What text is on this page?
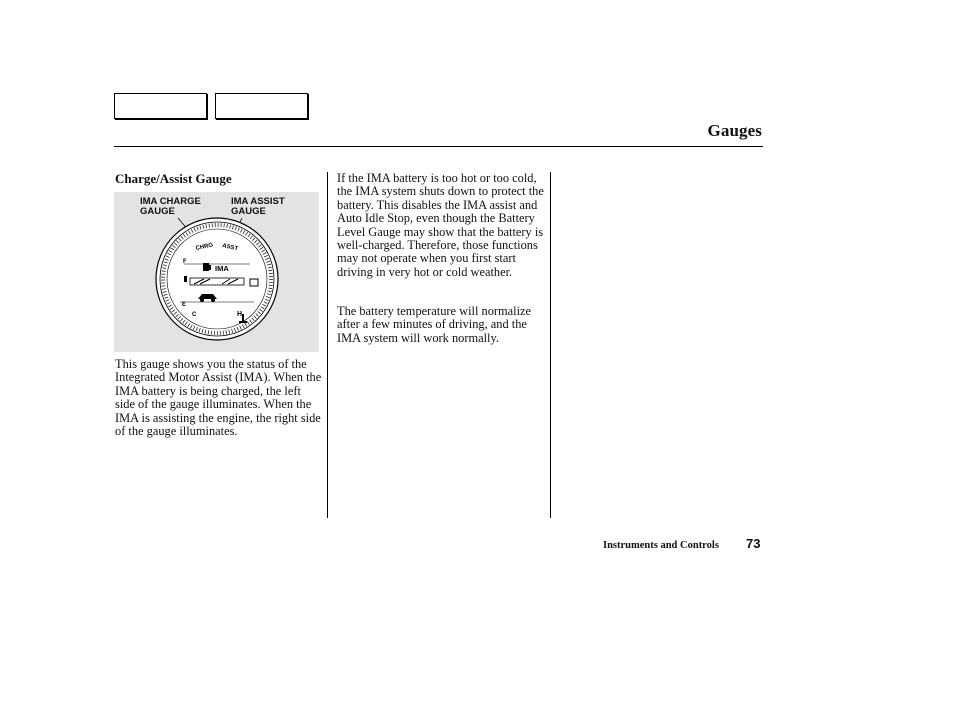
Gauges
Charge/Assist Gauge
CHRG ASST
IMA
F
E
C	H
IMA CHARGE
GAUGE
IMA ASSIST
GAUGE

This gauge shows you the status of the Integrated Motor Assist (IMA). When the IMA battery is being charged, the left side of the gauge illuminates. When the IMA is assisting the engine, the right side of the gauge illuminates.

If the IMA battery is too hot or too cold, the IMA system shuts down to protect the battery. This disables the IMA assist and Auto Idle Stop, even though the Battery Level Gauge may show that the battery is well-charged. Therefore, those functions may not operate when you first start driving in very hot or cold weather.

The battery temperature will normalize after a few minutes of driving, and the IMA system will work normally.

Instruments and Controls 73
